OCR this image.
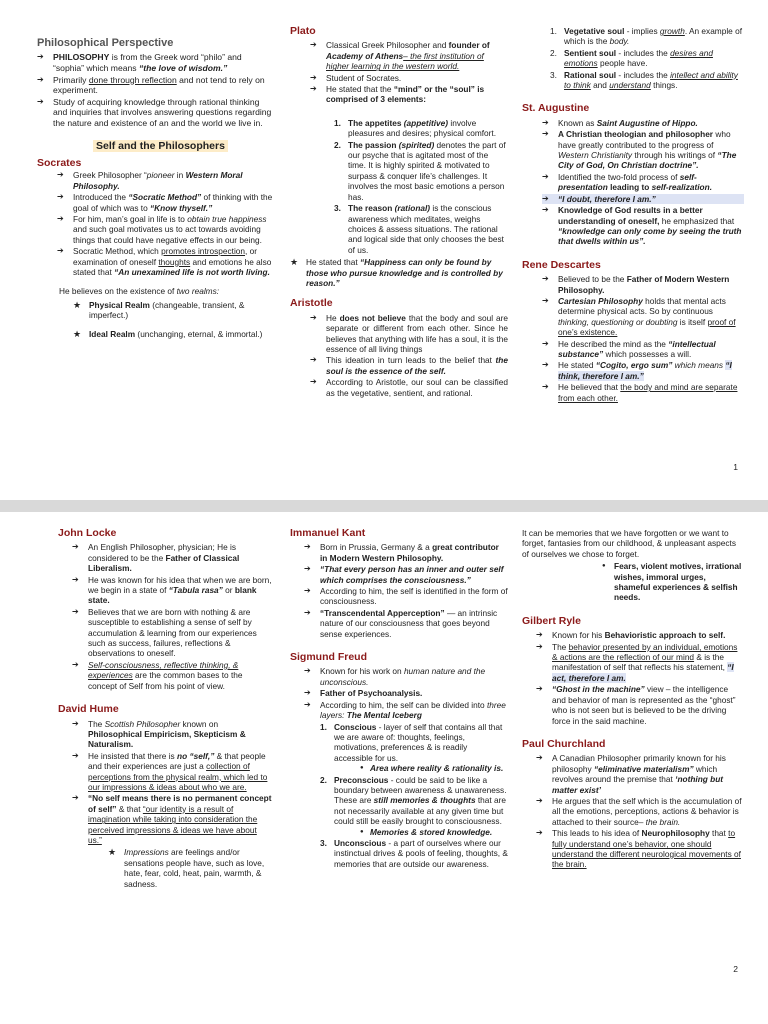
Philosophical Perspective
➔ PHILOSOPHY is from the Greek word “philo” and “sophia” which means “the love of wisdom.”
➔ Primarily done through reflection and not tend to rely on experiment.
➔ Study of acquiring knowledge through rational thinking and inquiries that involves answering questions regarding the nature and existence of an and the world we live in.
Self and the Philosophers
Socrates
➔ Greek Philosopher “pioneer in Western Moral Philosophy.
➔ Introduced the “Socratic Method” of thinking with the goal of which was to “Know thyself.”
➔ For him, man’s goal in life is to obtain true happiness and such goal motivates us to act towards avoiding things that could have negative effects in our being.
➔ Socratic Method, which promotes introspection, or examination of oneself thoughts and emotions he also stated that “An unexamined life is not worth living.

He believes on the existence of two realms:

★ Physical Realm (changeable, transient, & imperfect.)
★ Ideal Realm (unchanging, eternal, & immortal.)
Plato
➔ Classical Greek Philosopher and founder of Academy of Athens– the first institution of higher learning in the western world.
➔ Student of Socrates.
➔ He stated that the “mind” or the “soul” is comprised of 3 elements:
1. The appetites (appetitive) involve pleasures and desires; physical comfort.
2. The passion (spirited) denotes the part of our psyche that is agitated most of the time. It is highly spirited & motivated to surpass & conquer life’s challenges. It involves the most basic emotions a person has.
3. The reason (rational) is the conscious awareness which meditates, weighs choices & assess situations. The rational and logical side that only chooses the best of us.
★ He stated that “Happiness can only be found by those who pursue knowledge and is controlled by reason.”
Aristotle
➔ He does not believe that the body and soul are separate or different from each other. Since he believes that anything with life has a soul, it is the essence of all living things
➔ This ideation in turn leads to the belief that the soul is the essence of the self.
➔ According to Aristotle, our soul can be classified as the vegetative, sentient, and rational.
1. Vegetative soul - implies growth. An example of which is the body.
2. Sentient soul - includes the desires and emotions people have.
3. Rational soul - includes the intellect and ability to think and understand things.
St. Augustine
➔ Known as Saint Augustine of Hippo.
➔ A Christian theologian and philosopher who have greatly contributed to the progress of Western Christianity through his writings of “The City of God, On Christian doctrine”.
➔ Identified the two-fold process of self-presentation leading to self-realization.
➔ “I doubt, therefore I am.”
➔ Knowledge of God results in a better understanding of oneself, he emphasized that “knowledge can only come by seeing the truth that dwells within us”.
Rene Descartes
➔ Believed to be the Father of Modern Western Philosophy.
➔ Cartesian Philosophy holds that mental acts determine physical acts. So by continuous thinking, questioning or doubting is itself proof of one’s existence.
➔ He described the mind as the “intellectual substance” which possesses a will.
➔ He stated “Cogito, ergo sum” which means “I think, therefore I am.”
➔ He believed that the body and mind are separate from each other.
1
John Locke
➔ An English Philosopher, physician; He is considered to be the Father of Classical Liberalism.
➔ He was known for his idea that when we are born, we begin in a state of “Tabula rasa” or blank state.
➔ Believes that we are born with nothing & are susceptible to establishing a sense of self by accumulation & learning from our experiences such as success, failures, reflections & observations to oneself.
➔ Self-consciousness, reflective thinking, & experiences are the common bases to the concept of Self from his point of view.
David Hume
➔ The Scottish Philosopher known on Philosophical Empiricism, Skepticism & Naturalism.
➔ He insisted that there is no “self,” & that people and their experiences are just a collection of perceptions from the physical realm, which led to our impressions & ideas about who we are.
➔ “No self means there is no permanent concept of self” & that “our identity is a result of imagination while taking into consideration the perceived impressions & ideas we have about us.”
★ Impressions are feelings and/or sensations people have, such as love, hate, fear, cold, heat, pain, warmth, & sadness.
Immanuel Kant
➔ Born in Prussia, Germany & a great contributor in Modern Western Philosophy.
➔ “That every person has an inner and outer self which comprises the consciousness.”
➔ According to him, the self is identified in the form of consciousness.
➔ “Transcendental Apperception” — an intrinsic nature of our consciousness that goes beyond sense experiences.
Sigmund Freud
➔ Known for his work on human nature and the unconscious.
➔ Father of Psychoanalysis.
➔ According to him, the self can be divided into three layers: The Mental Iceberg
1. Conscious - layer of self that contains all that we are aware of: thoughts, feelings, motivations, preferences & is readily accessible for us.
● Area where reality & rationality is.
2. Preconscious - could be said to be like a boundary between awareness & unawareness. These are still memories & thoughts that are not necessarily available at any given time but could still be easily brought to consciousness.
● Memories & stored knowledge.
3. Unconscious - a part of ourselves where our instinctual drives & pools of feeling, thoughts, & memories that are outside our awareness.

It can be memories that we have forgotten or we want to forget, fantasies from our childhood, & unpleasant aspects of ourselves we chose to forget.

● Fears, violent motives, irrational wishes, immoral urges, shameful experiences & selfish needs.
Gilbert Ryle
➔ Known for his Behavioristic approach to self.
➔ The behavior presented by an individual, emotions & actions are the reflection of our mind & is the manifestation of self that reflects his statement, “I act, therefore I am.
➔ “Ghost in the machine” view – the intelligence and behavior of man is represented as the “ghost” who is not seen but is believed to be the driving force in the said machine.
Paul Churchland
➔ A Canadian Philosopher primarily known for his philosophy “eliminative materialism” which revolves around the premise that ‘nothing but matter exist’
➔ He argues that the self which is the accumulation of all the emotions, perceptions, actions & behavior is attached to their source– the brain.
➔ This leads to his idea of Neurophilosophy that to fully understand one’s behavior, one should understand the different neurological movements of the brain.
2
